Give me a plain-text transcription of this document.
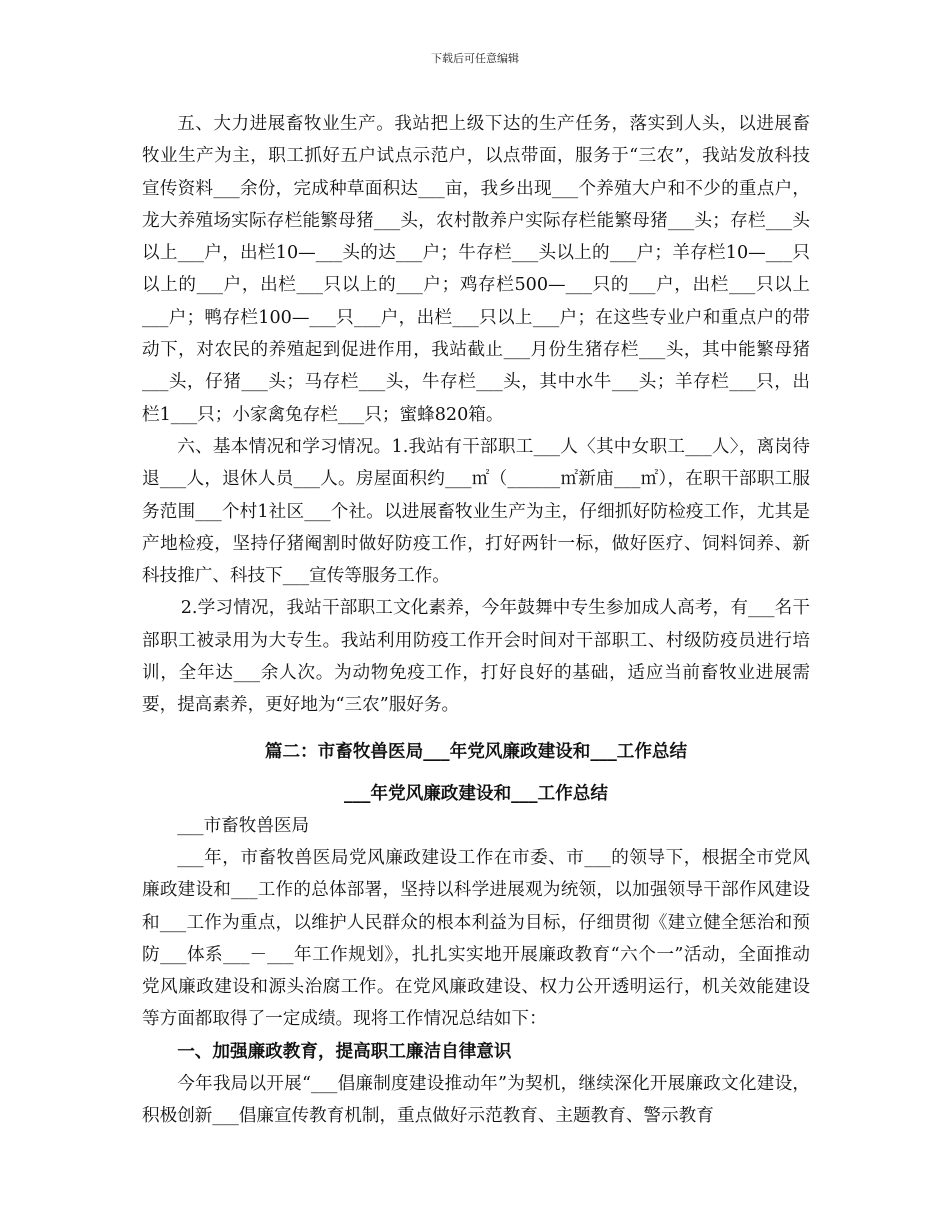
下载后可任意编辑

五、大力进展畜牧业生产。我站把上级下达的生产任务，落实到人头，以进展畜牧业生产为主，职工抓好五户试点示范户，以点带面，服务于“三农”，我站发放科技宣传资料___余份，完成种草面积达___亩，我乡出现___个养殖大户和不少的重点户，龙大养殖场实际存栏能繁母猪___头，农村散养户实际存栏能繁母猪___头；存栏___头以上___户，出栏10—___头的达___户；牛存栏___头以上的___户；羊存栏10—___只以上的___户，出栏___只以上的___户；鸡存栏500—___只的___户，出栏___只以上___户；鸭存栏100—___只___户，出栏___只以上___户；在这些专业户和重点户的带动下，对农民的养殖起到促进作用，我站截止___月份生猪存栏___头，其中能繁母猪___头，仔猪___头；马存栏___头，牛存栏___头，其中水牛___头；羊存栏___只，出栏1___只；小家禽兔存栏___只；蜜蜂820箱。

六、基本情况和学习情况。1.我站有干部职工___人〈其中女职工___人〉，离岗待退___人，退休人员___人。房屋面积约___㎡（______㎡新庙___㎡），在职干部职工服务范围___个村1社区___个社。以进展畜牧业生产为主，仔细抓好防检疫工作，尤其是产地检疫，坚持仔猪阉割时做好防疫工作，打好两针一标，做好医疗、饲料饲养、新科技推广、科技下___宣传等服务工作。

2.学习情况，我站干部职工文化素养，今年鼓舞中专生参加成人高考，有___名干部职工被录用为大专生。我站利用防疫工作开会时间对干部职工、村级防疫员进行培训，全年达___余人次。为动物免疫工作，打好良好的基础，适应当前畜牧业进展需要，提高素养，更好地为“三农”服好务。

篇二：市畜牧兽医局___年党风廉政建设和___工作总结

___年党风廉政建设和___工作总结

___市畜牧兽医局

___年，市畜牧兽医局党风廉政建设工作在市委、市___的领导下，根据全市党风廉政建设和___工作的总体部署，坚持以科学进展观为统领，以加强领导干部作风建设和___工作为重点，以维护人民群众的根本利益为目标，仔细贯彻《建立健全惩治和预防___体系___－___年工作规划》，扎扎实实地开展廉政教育“六个一”活动，全面推动党风廉政建设和源头治腐工作。在党风廉政建设、权力公开透明运行，机关效能建设等方面都取得了一定成绩。现将工作情况总结如下：

一、加强廉政教育，提高职工廉洁自律意识

今年我局以开展“___倡廉制度建设推动年”为契机，继续深化开展廉政文化建设，积极创新___倡廉宣传教育机制，重点做好示范教育、主题教育、警示教育
